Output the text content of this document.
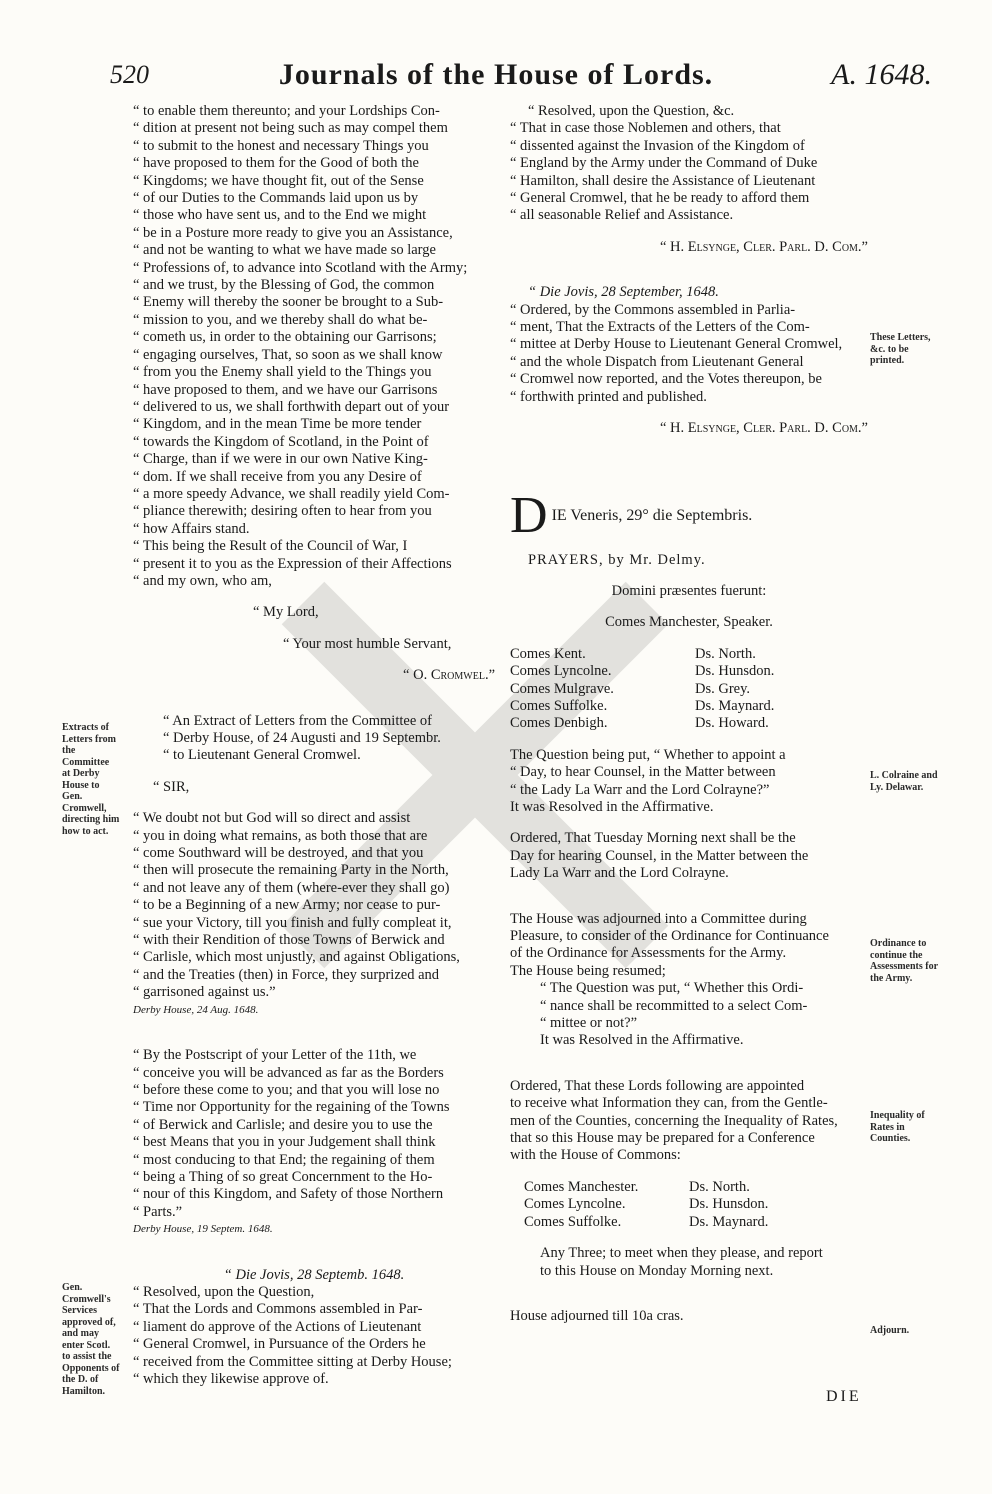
520	Journals of the House of Lords.	A. 1648.
“ to enable them thereunto; and your Lordships Con-
“ dition at present not being such as may compel them
“ to submit to the honest and necessary Things you
“ have proposed to them for the Good of both the
“ Kingdoms; we have thought fit, out of the Sense
“ of our Duties to the Commands laid upon us by
“ those who have sent us, and to the End we might
“ be in a Posture more ready to give you an Assistance,
“ and not be wanting to what we have made so large
“ Professions of, to advance into Scotland with the Army;
“ and we trust, by the Blessing of God, the common
“ Enemy will thereby the sooner be brought to a Sub-
“ mission to you, and we thereby shall do what be-
“ cometh us, in order to the obtaining our Garrisons;
“ engaging ourselves, That, so soon as we shall know
“ from you the Enemy shall yield to the Things you
“ have proposed to them, and we have our Garrisons
“ delivered to us, we shall forthwith depart out of your
“ Kingdom, and in the mean Time be more tender
“ towards the Kingdom of Scotland, in the Point of
“ Charge, than if we were in our own Native King-
“ dom. If we shall receive from you any Desire of
“ a more speedy Advance, we shall readily yield Com-
“ pliance therewith; desiring often to hear from you
“ how Affairs stand.
“ This being the Result of the Council of War, I
“ present it to you as the Expression of their Affections
“ and my own, who am,

“ My Lord,

“ Your most humble Servant,

“ O. Cromwel.”

“ An Extract of Letters from the Committee of
“ Derby House, of 24 Augusti and 19 Septembr.
“ to Lieutenant General Cromwel.

“ SIR,

“ We doubt not but God will so direct and assist
“ you in doing what remains, as both those that are
“ come Southward will be destroyed, and that you
“ then will prosecute the remaining Party in the North,
“ and not leave any of them (where-ever they shall go)
“ to be a Beginning of a new Army; nor cease to pur-
“ sue your Victory, till you finish and fully compleat it,
“ with their Rendition of those Towns of Berwick and
“ Carlisle, which most unjustly, and against Obligations,
“ and the Treaties (then) in Force, they surprized and
“ garrisoned against us.”

Derby House, 24 Aug. 1648.

“ By the Postscript of your Letter of the 11th, we
“ conceive you will be advanced as far as the Borders
“ before these come to you; and that you will lose no
“ Time nor Opportunity for the regaining of the Towns
“ of Berwick and Carlisle; and desire you to use the
“ best Means that you in your Judgement shall think
“ most conducing to that End; the regaining of them
“ being a Thing of so great Concernment to the Ho-
“ nour of this Kingdom, and Safety of those Northern
“ Parts.”

Derby House, 19 Septem. 1648.

“ Die Jovis, 28 Septemb. 1648.

“ Resolved, upon the Question,

“ That the Lords and Commons assembled in Par-
“ liament do approve of the Actions of Lieutenant
“ General Cromwel, in Pursuance of the Orders he
“ received from the Committee sitting at Derby House;
“ which they likewise approve of.

“ Resolved, upon the Question, &c.

“ That in case those Noblemen and others, that
“ dissented against the Invasion of the Kingdom of
“ England by the Army under the Command of Duke
“ Hamilton, shall desire the Assistance of Lieutenant
“ General Cromwel, that he be ready to afford them
“ all seasonable Relief and Assistance.

“ H. Elsynge, Cler. Parl. D. Com.”

“ Die Jovis, 28 September, 1648.

“ Ordered, by the Commons assembled in Parlia-
“ ment, That the Extracts of the Letters of the Com-
“ mittee at Derby House to Lieutenant General Cromwel,
“ and the whole Dispatch from Lieutenant General
“ Cromwel now reported, and the Votes thereupon, be
“ forthwith printed and published.

“ H. Elsynge, Cler. Parl. D. Com.”

D IE Veneris, 29° die Septembris.

PRAYERS, by Mr. Delmy.

Domini præsentes fuerunt:

Comes Manchester, Speaker.

Comes Kent.
Comes Lyncolne.
Comes Mulgrave.
Comes Suffolke.
Comes Denbigh.
Ds. North.
Ds. Hunsdon.
Ds. Grey.
Ds. Maynard.
Ds. Howard.
The Question being put, “ Whether to appoint a
“ Day, to hear Counsel, in the Matter between
“ the Lady La Warr and the Lord Colrayne?”
It was Resolved in the Affirmative.
Ordered, That Tuesday Morning next shall be the
Day for hearing Counsel, in the Matter between the
Lady La Warr and the Lord Colrayne.
The House was adjourned into a Committee during
Pleasure, to consider of the Ordinance for Continuance
of the Ordinance for Assessments for the Army.

The House being resumed;

“ The Question was put, “ Whether this Ordi-
“ nance shall be recommitted to a select Com-
“ mittee or not?”
It was Resolved in the Affirmative.
Ordered, That these Lords following are appointed
to receive what Information they can, from the Gentle-
men of the Counties, concerning the Inequality of Rates,
that so this House may be prepared for a Conference
with the House of Commons:
Comes Manchester.
Comes Lyncolne.
Comes Suffolke.
Ds. North.
Ds. Hunsdon.
Ds. Maynard.
Any Three; to meet when they please, and report
to this House on Monday Morning next.

House adjourned till 10a cras.

Extracts of Letters from the Committee at Derby House to Gen. Cromwell, directing him how to act.
Gen. Cromwell's Services approved of, and may enter Scotl. to assist the Opponents of the D. of Hamilton.
These Letters, &c. to be printed.
L. Colraine and Ly. Delawar.
Ordinance to continue the Assessments for the Army.
Inequality of Rates in Counties.
Adjourn.
DIE
